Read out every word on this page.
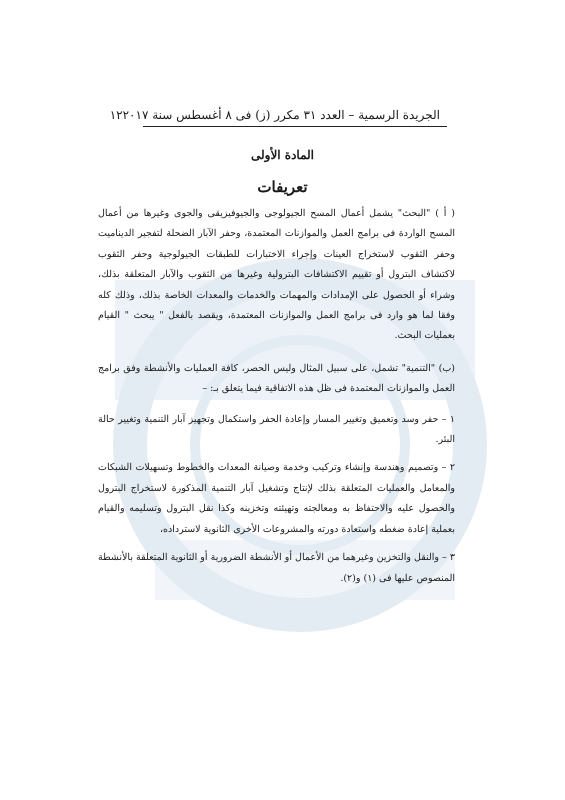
الجريدة الرسمية – العدد ٣١ مكرر (ز) فى ٨ أغسطس سنة ٢٠١٧
١٢
المادة الأولى
تعريفات

( أ ) "البحث" يشمل أعمال المسح الجيولوجى والجيوفيزيقى والجوى وغيرها من أعمال المسح الواردة فى برامج العمل والموازنات المعتمدة، وحفر الآبار الضحلة لتفجير الديناميت وحفر الثقوب لاستخراج العينات وإجراء الاختبارات للطبقات الجيولوجية وحفر الثقوب لاكتشاف البترول أو تقييم الاكتشافات البترولية وغيرها من الثقوب والآبار المتعلقة بذلك، وشراء أو الحصول على الإمدادات والمهمات والخدمات والمعدات الخاصة بذلك، وذلك كله وفقا لما هو وارد فى برامج العمل والموازنات المعتمدة، ويقصد بالفعل " يبحث " القيام بعمليات البحث.

(ب) "التنمية" تشمل، على سبيل المثال وليس الحصر، كافة العمليات والأنشطة وفق برامج العمل والموازنات المعتمدة فى ظل هذه الاتفاقية فيما يتعلق بـ: –

١ – حفر وسد وتعميق وتغيير المسار وإعادة الحفر واستكمال وتجهيز آبار التنمية وتغيير حالة البئر.

٢ – وتصميم وهندسة وإنشاء وتركيب وخدمة وصيانة المعدات والخطوط وتسهيلات الشبكات والمعامل والعمليات المتعلقة بذلك لإنتاج وتشغيل آبار التنمية المذكورة لاستخراج البترول والحصول عليه والاحتفاظ به ومعالجته وتهيئته وتخزينه وكذا نقل البترول وتسليمه والقيام بعملية إعادة ضغطه واستعادة دورته والمشروعات الأخرى الثانوية لاسترداده،

٣ – والنقل والتخزين وغيرهما من الأعمال أو الأنشطة الضرورية أو الثانوية المتعلقة بالأنشطة المنصوص عليها فى (١) و(٢).
